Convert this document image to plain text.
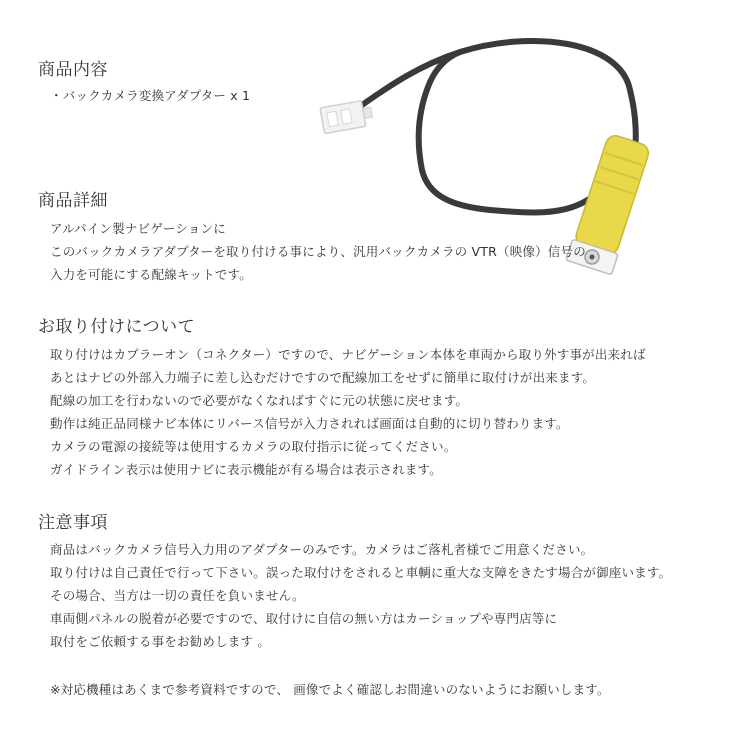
商品内容
・バックカメラ変換アダプター x 1
商品詳細
アルパイン製ナビゲーションに
このバックカメラアダプターを取り付ける事により、汎用バックカメラの VTR（映像）信号の
入力を可能にする配線キットです。
お取り付けについて
取り付けはカプラーオン（コネクター）ですので、ナビゲーション本体を車両から取り外す事が出来れば
あとはナビの外部入力端子に差し込むだけですので配線加工をせずに簡単に取付けが出来ます。
配線の加工を行わないので必要がなくなればすぐに元の状態に戻せます。
動作は純正品同様ナビ本体にリバース信号が入力されれば画面は自動的に切り替わります。
カメラの電源の接続等は使用するカメラの取付指示に従ってください。
ガイドライン表示は使用ナビに表示機能が有る場合は表示されます。
注意事項
商品はバックカメラ信号入力用のアダプターのみです。カメラはご落札者様でご用意ください。
取り付けは自己責任で行って下さい。誤った取付けをされると車輌に重大な支障をきたす場合が御座います。
その場合、当方は一切の責任を負いません。
車両側パネルの脱着が必要ですので、取付けに自信の無い方はカーショップや専門店等に
取付をご依頼する事をお勧めします 。
※対応機種はあくまで参考資料ですので、 画像でよく確認しお間違いのないようにお願いします。
